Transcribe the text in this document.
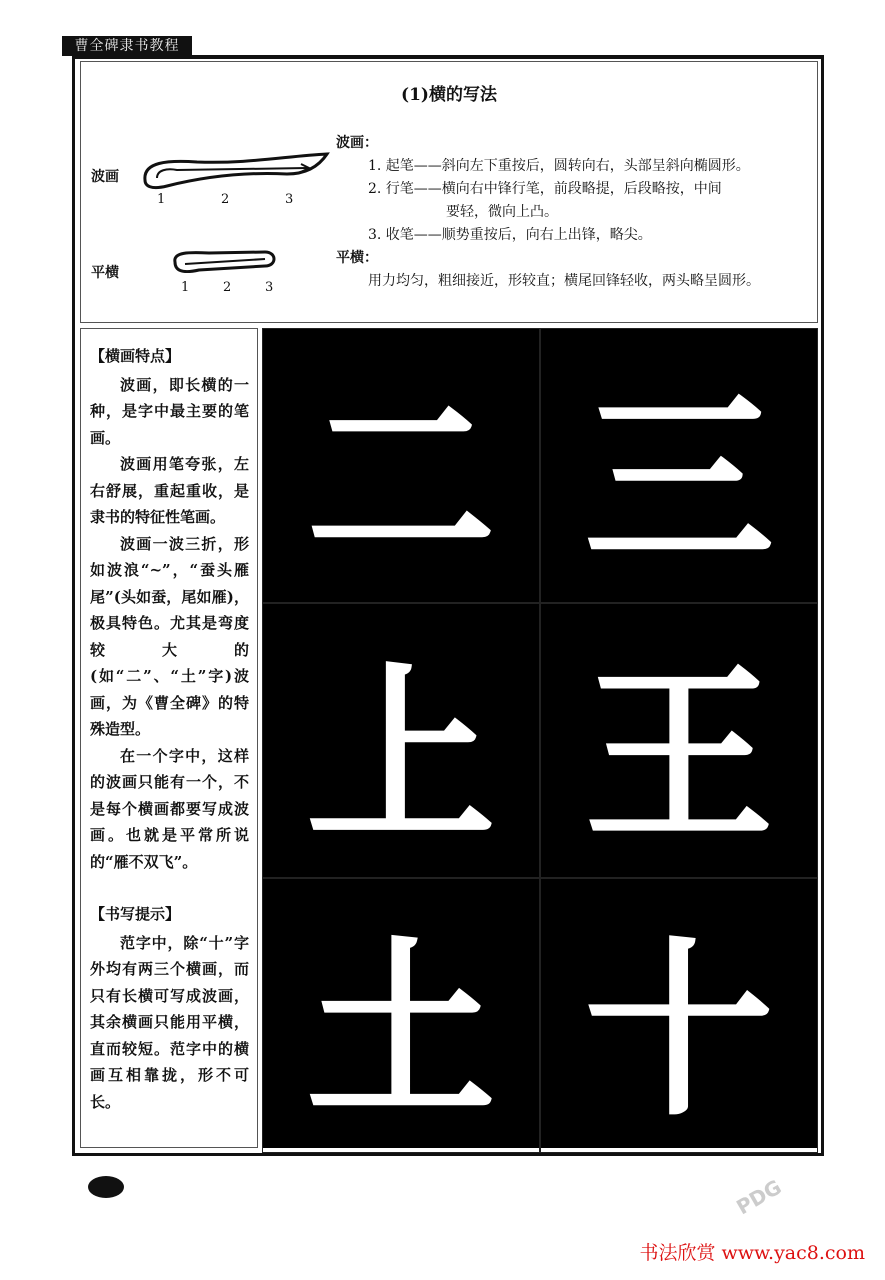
曹全碑隶书教程
(1)横的写法
波画
1	2	3
平横
1	2	3
波画：
1. 起笔——斜向左下重按后，圆转向右，头部呈斜向椭圆形。
2. 行笔——横向右中锋行笔，前段略提，后段略按，中间
要轻，微向上凸。
3. 收笔——顺势重按后，向右上出锋，略尖。
平横：
用力均匀，粗细接近，形较直；横尾回锋轻收，两头略呈圆形。

【横画特点】

波画，即长横的一种，是字中最主要的笔画。

波画用笔夸张，左右舒展，重起重收，是隶书的特征性笔画。

波画一波三折，形如波浪“~”，“蚕头雁尾”(头如蚕，尾如雁)，极具特色。尤其是弯度较大的(如“二”、“土”字)波画，为《曹全碑》的特殊造型。

在一个字中，这样的波画只能有一个，不是每个横画都要写成波画。也就是平常所说的“雁不双飞”。

【书写提示】

范字中，除“十”字外均有两三个横画，而只有长横可写成波画，其余横画只能用平横，直而较短。范字中的横画互相靠拢，形不可长。

二 三
上 王
土 十
PDG
书法欣赏 www.yac8.com
